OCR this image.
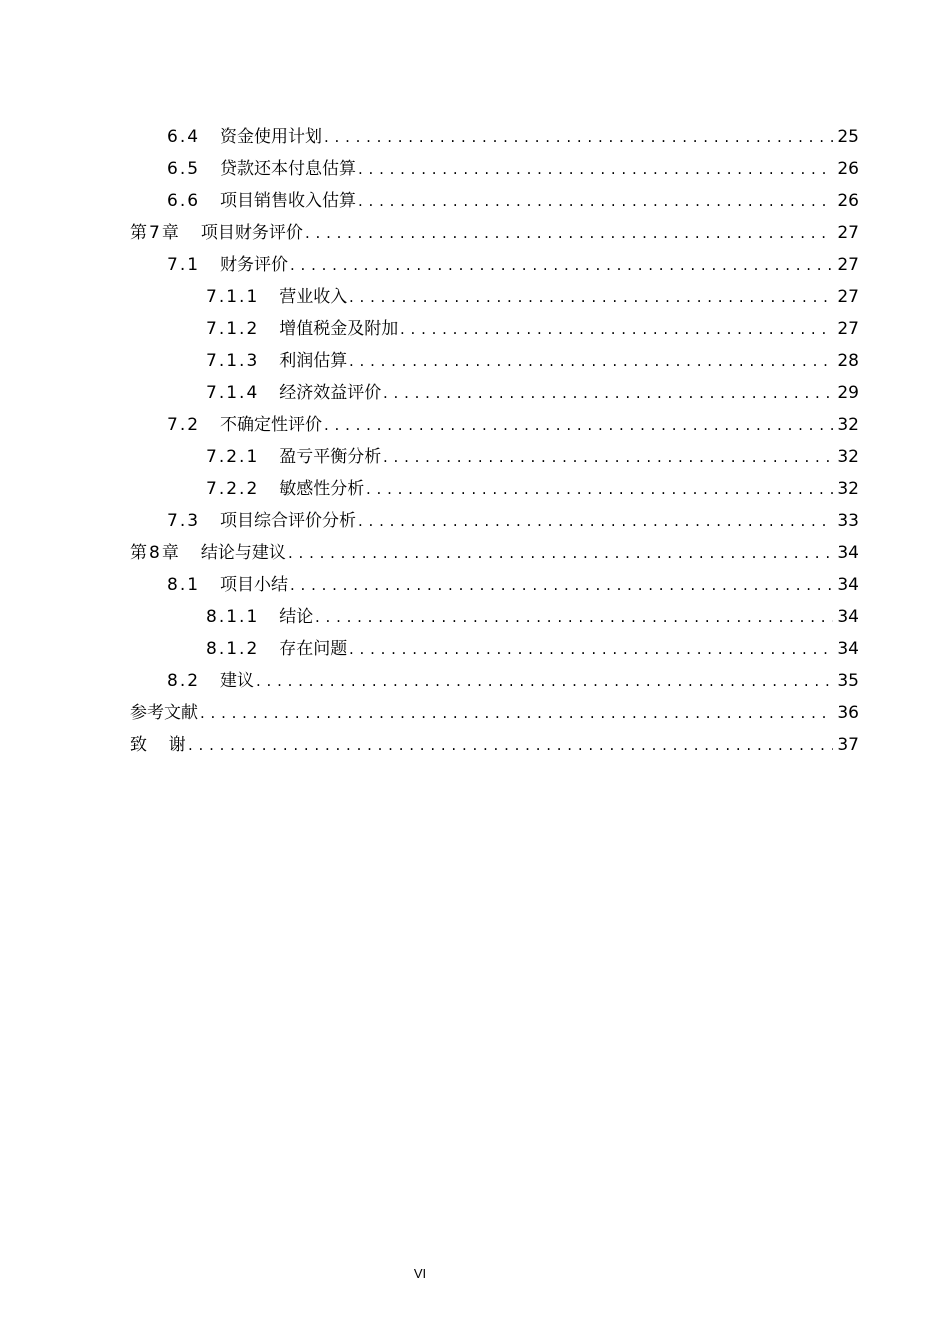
6.4 资金使用计划 . . .	25
6.5 贷款还本付息估算 . . .	26
6.6 项目销售收入估算 . . .	26
第7章 项目财务评价 . . .	27
7.1 财务评价 . . .	27
7.1.1 营业收入 . . .	27
7.1.2 增值税金及附加 . . .	27
7.1.3 利润估算 . . .	28
7.1.4 经济效益评价 . . .	29
7.2 不确定性评价 . . .	32
7.2.1 盈亏平衡分析 . . .	32
7.2.2 敏感性分析 . . .	32
7.3 项目综合评价分析 . . .	33
第8章 结论与建议 . . .	34
8.1 项目小结 . . .	34
8.1.1 结论 . . .	34
8.1.2 存在问题 . . .	34
8.2 建议 . . .	35
参考文献 . . .	36
致    谢 . . .	37
VI
